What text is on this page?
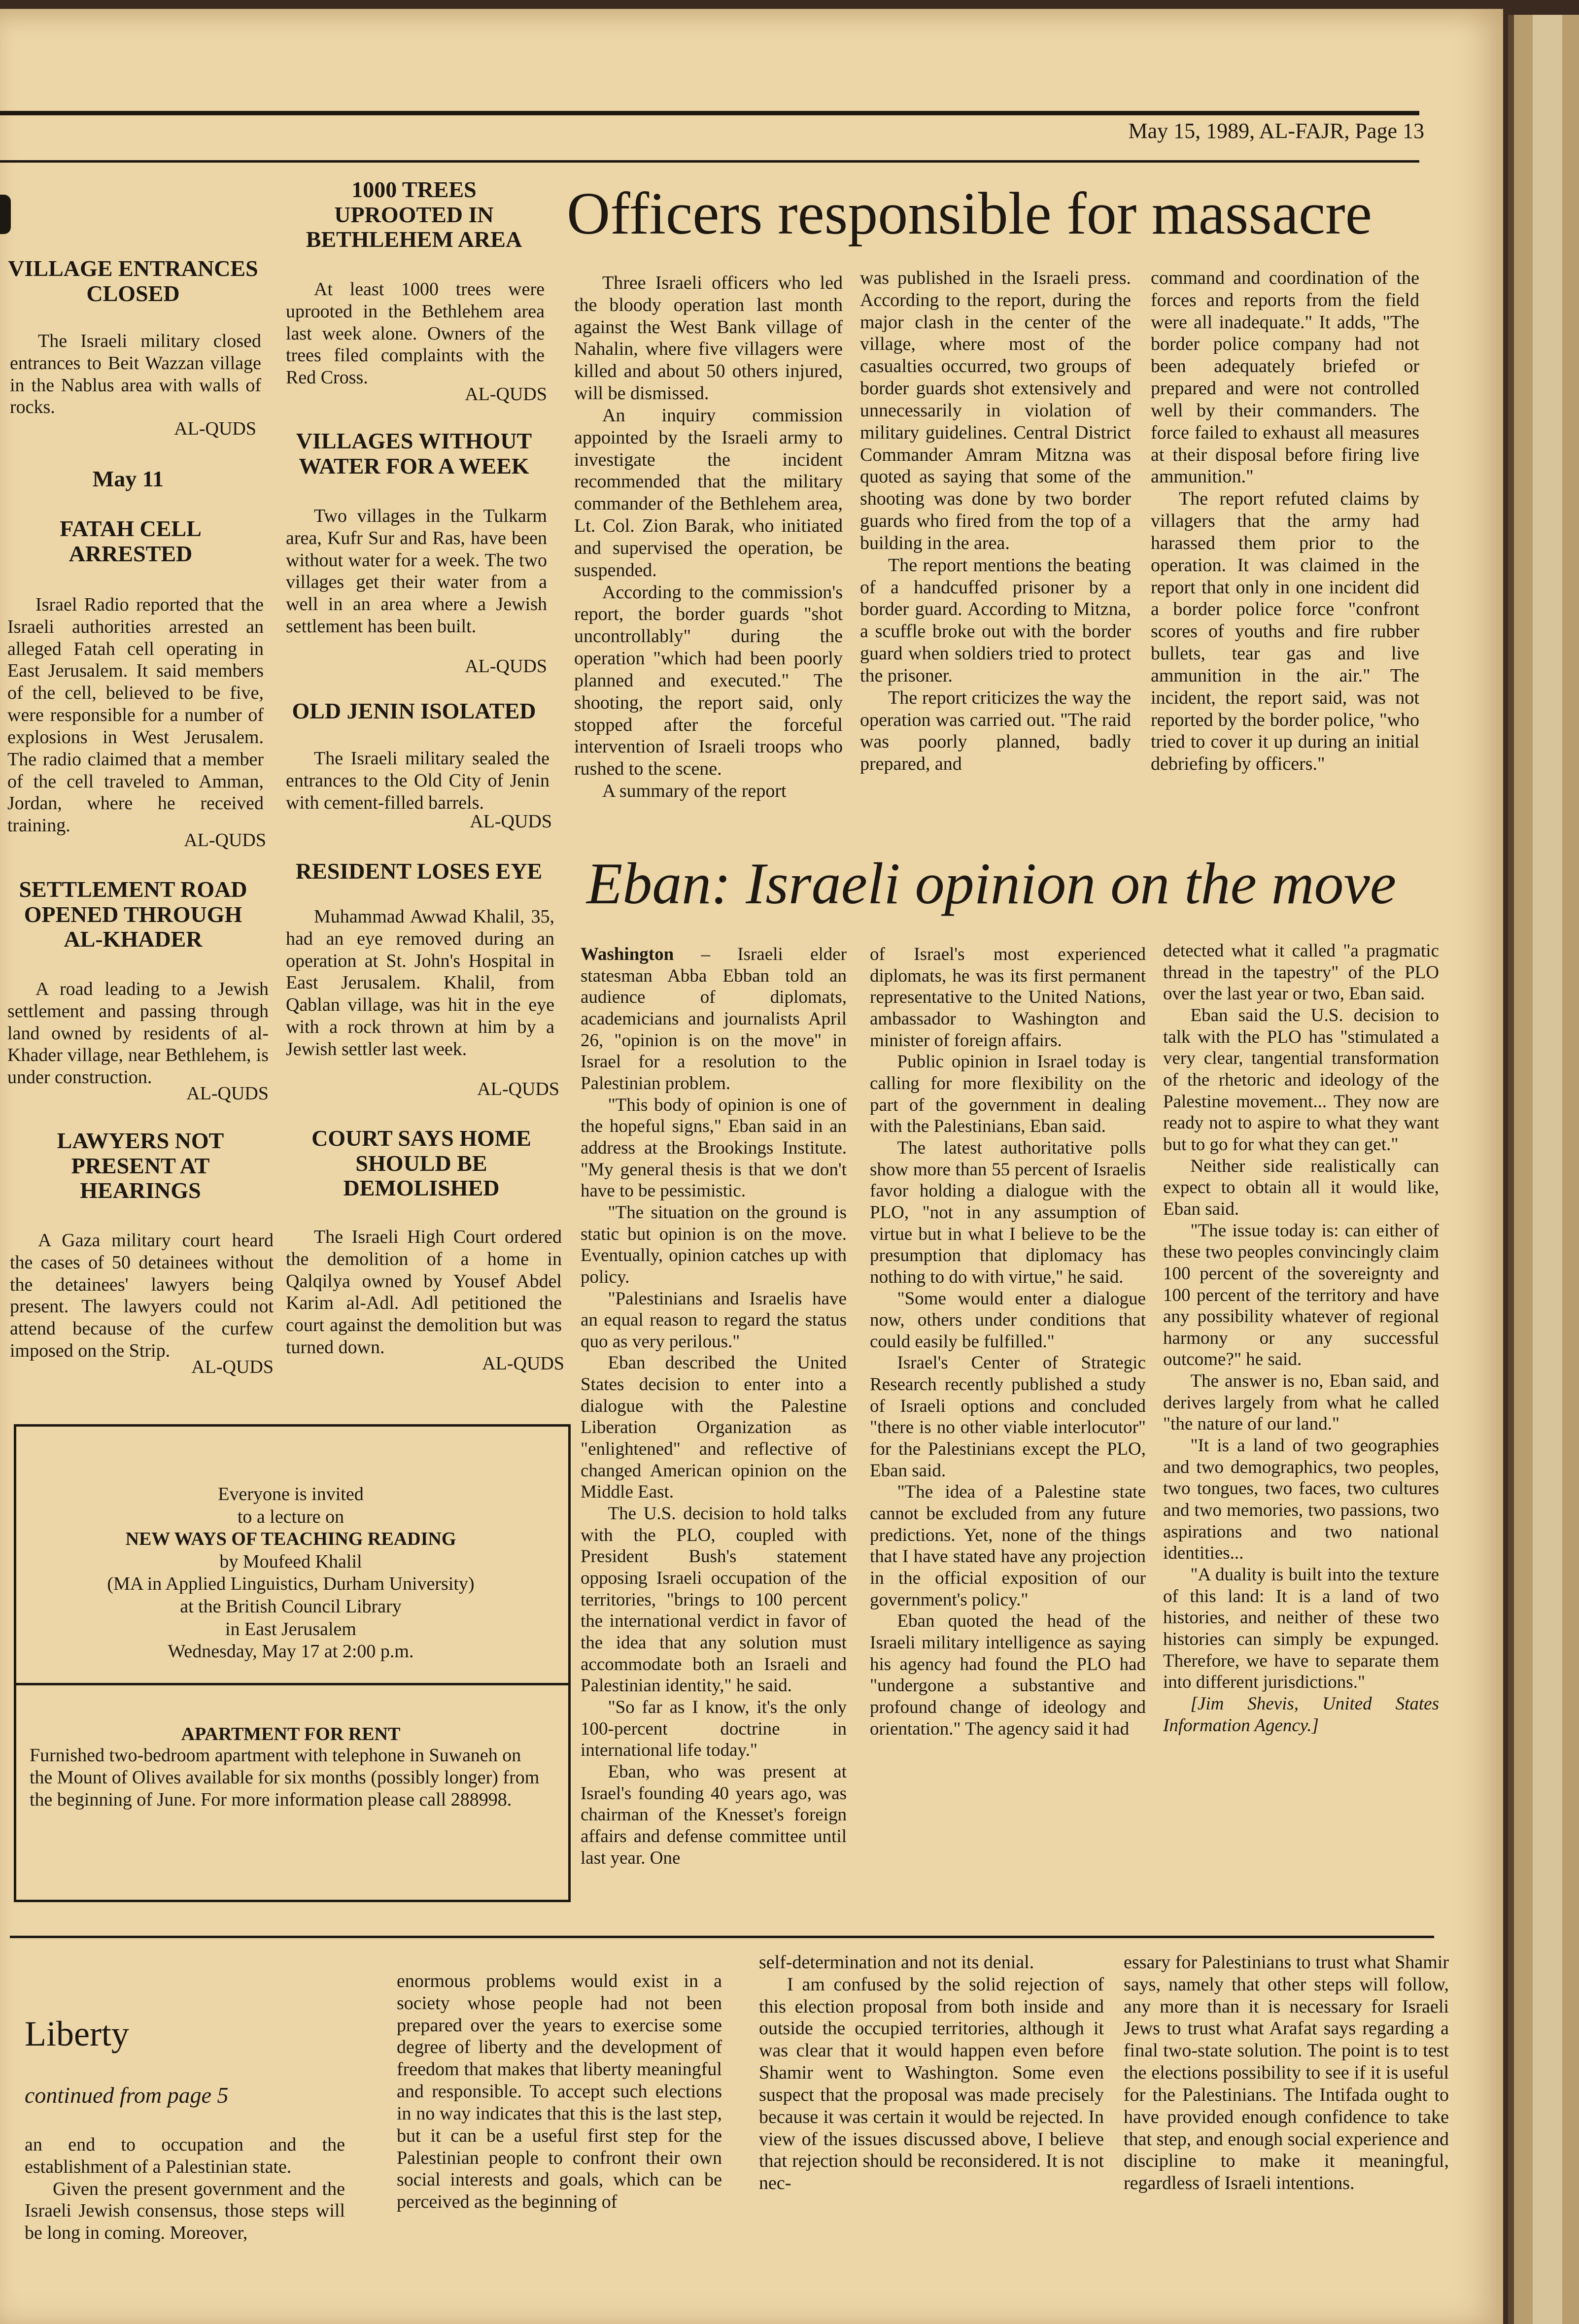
May 15, 1989, AL-FAJR, Page 13
VILLAGE ENTRANCES CLOSED

The Israeli military closed entrances to Beit Wazzan village in the Nablus area with walls of rocks.

AL-QUDS
May 11
FATAH CELL ARRESTED

Israel Radio reported that the Israeli authorities arrested an alleged Fatah cell operating in East Jerusalem. It said members of the cell, believed to be five, were responsible for a number of explosions in West Jerusalem. The radio claimed that a member of the cell traveled to Amman, Jordan, where he received training.

AL-QUDS
SETTLEMENT ROAD OPENED THROUGH AL-KHADER

A road leading to a Jewish settlement and passing through land owned by residents of al-Khader village, near Bethlehem, is under construction.

AL-QUDS
LAWYERS NOT PRESENT AT HEARINGS

A Gaza military court heard the cases of 50 detainees without the detainees' lawyers being present. The lawyers could not attend because of the curfew imposed on the Strip.

AL-QUDS
1000 TREES UPROOTED IN BETHLEHEM AREA

At least 1000 trees were uprooted in the Bethlehem area last week alone. Owners of the trees filed complaints with the Red Cross.

AL-QUDS
VILLAGES WITHOUT WATER FOR A WEEK

Two villages in the Tulkarm area, Kufr Sur and Ras, have been without water for a week. The two villages get their water from a well in an area where a Jewish settlement has been built.

AL-QUDS
OLD JENIN ISOLATED

The Israeli military sealed the entrances to the Old City of Jenin with cement-filled barrels.

AL-QUDS
RESIDENT LOSES EYE

Muhammad Awwad Khalil, 35, had an eye removed during an operation at St. John's Hospital in East Jerusalem. Khalil, from Qablan village, was hit in the eye with a rock thrown at him by a Jewish settler last week.

AL-QUDS
COURT SAYS HOME SHOULD BE DEMOLISHED

The Israeli High Court ordered the demolition of a home in Qalqilya owned by Yousef Abdel Karim al-Adl. Adl petitioned the court against the demolition but was turned down.

AL-QUDS
Officers responsible for massacre

Three Israeli officers who led the bloody operation last month against the West Bank village of Nahalin, where five villagers were killed and about 50 others injured, will be dismissed.

An inquiry commission appointed by the Israeli army to investigate the incident recommended that the military commander of the Bethlehem area, Lt. Col. Zion Barak, who initiated and supervised the operation, be suspended.

According to the commission's report, the border guards "shot uncontrollably" during the operation "which had been poorly planned and executed." The shooting, the report said, only stopped after the forceful intervention of Israeli troops who rushed to the scene.

A summary of the report

was published in the Israeli press. According to the report, during the major clash in the center of the village, where most of the casualties occurred, two groups of border guards shot extensively and unnecessarily in violation of military guidelines. Central District Commander Amram Mitzna was quoted as saying that some of the shooting was done by two border guards who fired from the top of a building in the area.

The report mentions the beating of a handcuffed prisoner by a border guard. According to Mitzna, a scuffle broke out with the border guard when soldiers tried to protect the prisoner.

The report criticizes the way the operation was carried out. "The raid was poorly planned, badly prepared, and

command and coordination of the forces and reports from the field were all inadequate." It adds, "The border police company had not been adequately briefed or prepared and were not controlled well by their commanders. The force failed to exhaust all measures at their disposal before firing live ammunition."

The report refuted claims by villagers that the army had harassed them prior to the operation. It was claimed in the report that only in one incident did a border police force "confront scores of youths and fire rubber bullets, tear gas and live ammunition in the air." The incident, the report said, was not reported by the border police, "who tried to cover it up during an initial debriefing by officers."

Eban: Israeli opinion on the move

Washington – Israeli elder statesman Abba Ebban told an audience of diplomats, academicians and journalists April 26, "opinion is on the move" in Israel for a resolution to the Palestinian problem.

"This body of opinion is one of the hopeful signs," Eban said in an address at the Brookings Institute. "My general thesis is that we don't have to be pessimistic.

"The situation on the ground is static but opinion is on the move. Eventually, opinion catches up with policy.

"Palestinians and Israelis have an equal reason to regard the status quo as very perilous."

Eban described the United States decision to enter into a dialogue with the Palestine Liberation Organization as "enlightened" and reflective of changed American opinion on the Middle East.

The U.S. decision to hold talks with the PLO, coupled with President Bush's statement opposing Israeli occupation of the territories, "brings to 100 percent the international verdict in favor of the idea that any solution must accommodate both an Israeli and Palestinian identity," he said.

"So far as I know, it's the only 100-percent doctrine in international life today."

Eban, who was present at Israel's founding 40 years ago, was chairman of the Knesset's foreign affairs and defense committee until last year. One

of Israel's most experienced diplomats, he was its first permanent representative to the United Nations, ambassador to Washington and minister of foreign affairs.

Public opinion in Israel today is calling for more flexibility on the part of the government in dealing with the Palestinians, Eban said.

The latest authoritative polls show more than 55 percent of Israelis favor holding a dialogue with the PLO, "not in any assumption of virtue but in what I believe to be the presumption that diplomacy has nothing to do with virtue," he said.

"Some would enter a dialogue now, others under conditions that could easily be fulfilled."

Israel's Center of Strategic Research recently published a study of Israeli options and concluded "there is no other viable interlocutor" for the Palestinians except the PLO, Eban said.

"The idea of a Palestine state cannot be excluded from any future predictions. Yet, none of the things that I have stated have any projection in the official exposition of our government's policy."

Eban quoted the head of the Israeli military intelligence as saying his agency had found the PLO had "undergone a substantive and profound change of ideology and orientation." The agency said it had

detected what it called "a pragmatic thread in the tapestry" of the PLO over the last year or two, Eban said.

Eban said the U.S. decision to talk with the PLO has "stimulated a very clear, tangential transformation of the rhetoric and ideology of the Palestine movement... They now are ready not to aspire to what they want but to go for what they can get."

Neither side realistically can expect to obtain all it would like, Eban said.

"The issue today is: can either of these two peoples convincingly claim 100 percent of the sovereignty and 100 percent of the territory and have any possibility whatever of regional harmony or any successful outcome?" he said.

The answer is no, Eban said, and derives largely from what he called "the nature of our land."

"It is a land of two geographies and two demographics, two peoples, two tongues, two faces, two cultures and two memories, two passions, two aspirations and two national identities...

"A duality is built into the texture of this land: It is a land of two histories, and neither of these two histories can simply be expunged. Therefore, we have to separate them into different jurisdictions."

[Jim Shevis, United States Information Agency.]

Everyone is invited
to a lecture on
NEW WAYS OF TEACHING READING
by Moufeed Khalil
(MA in Applied Linguistics, Durham University)
at the British Council Library
in East Jerusalem
Wednesday, May 17 at 2:00 p.m.
APARTMENT FOR RENT
Furnished two-bedroom apartment with telephone in Suwaneh on the Mount of Olives available for six months (possibly longer) from the beginning of June. For more information please call 288998.
Liberty
continued from page 5

an end to occupation and the establishment of a Palestinian state.

Given the present government and the Israeli Jewish consensus, those steps will be long in coming. Moreover,

enormous problems would exist in a society whose people had not been prepared over the years to exercise some degree of liberty and the development of freedom that makes that liberty meaningful and responsible. To accept such elections in no way indicates that this is the last step, but it can be a useful first step for the Palestinian people to confront their own social interests and goals, which can be perceived as the beginning of

self-determination and not its denial.

I am confused by the solid rejection of this election proposal from both inside and outside the occupied territories, although it was clear that it would happen even before Shamir went to Washington. Some even suspect that the proposal was made precisely because it was certain it would be rejected. In view of the issues discussed above, I believe that rejection should be reconsidered. It is not nec-

essary for Palestinians to trust what Shamir says, namely that other steps will follow, any more than it is necessary for Israeli Jews to trust what Arafat says regarding a final two-state solution. The point is to test the elections possibility to see if it is useful for the Palestinians. The Intifada ought to have provided enough confidence to take that step, and enough social experience and discipline to make it meaningful, regardless of Israeli intentions.
